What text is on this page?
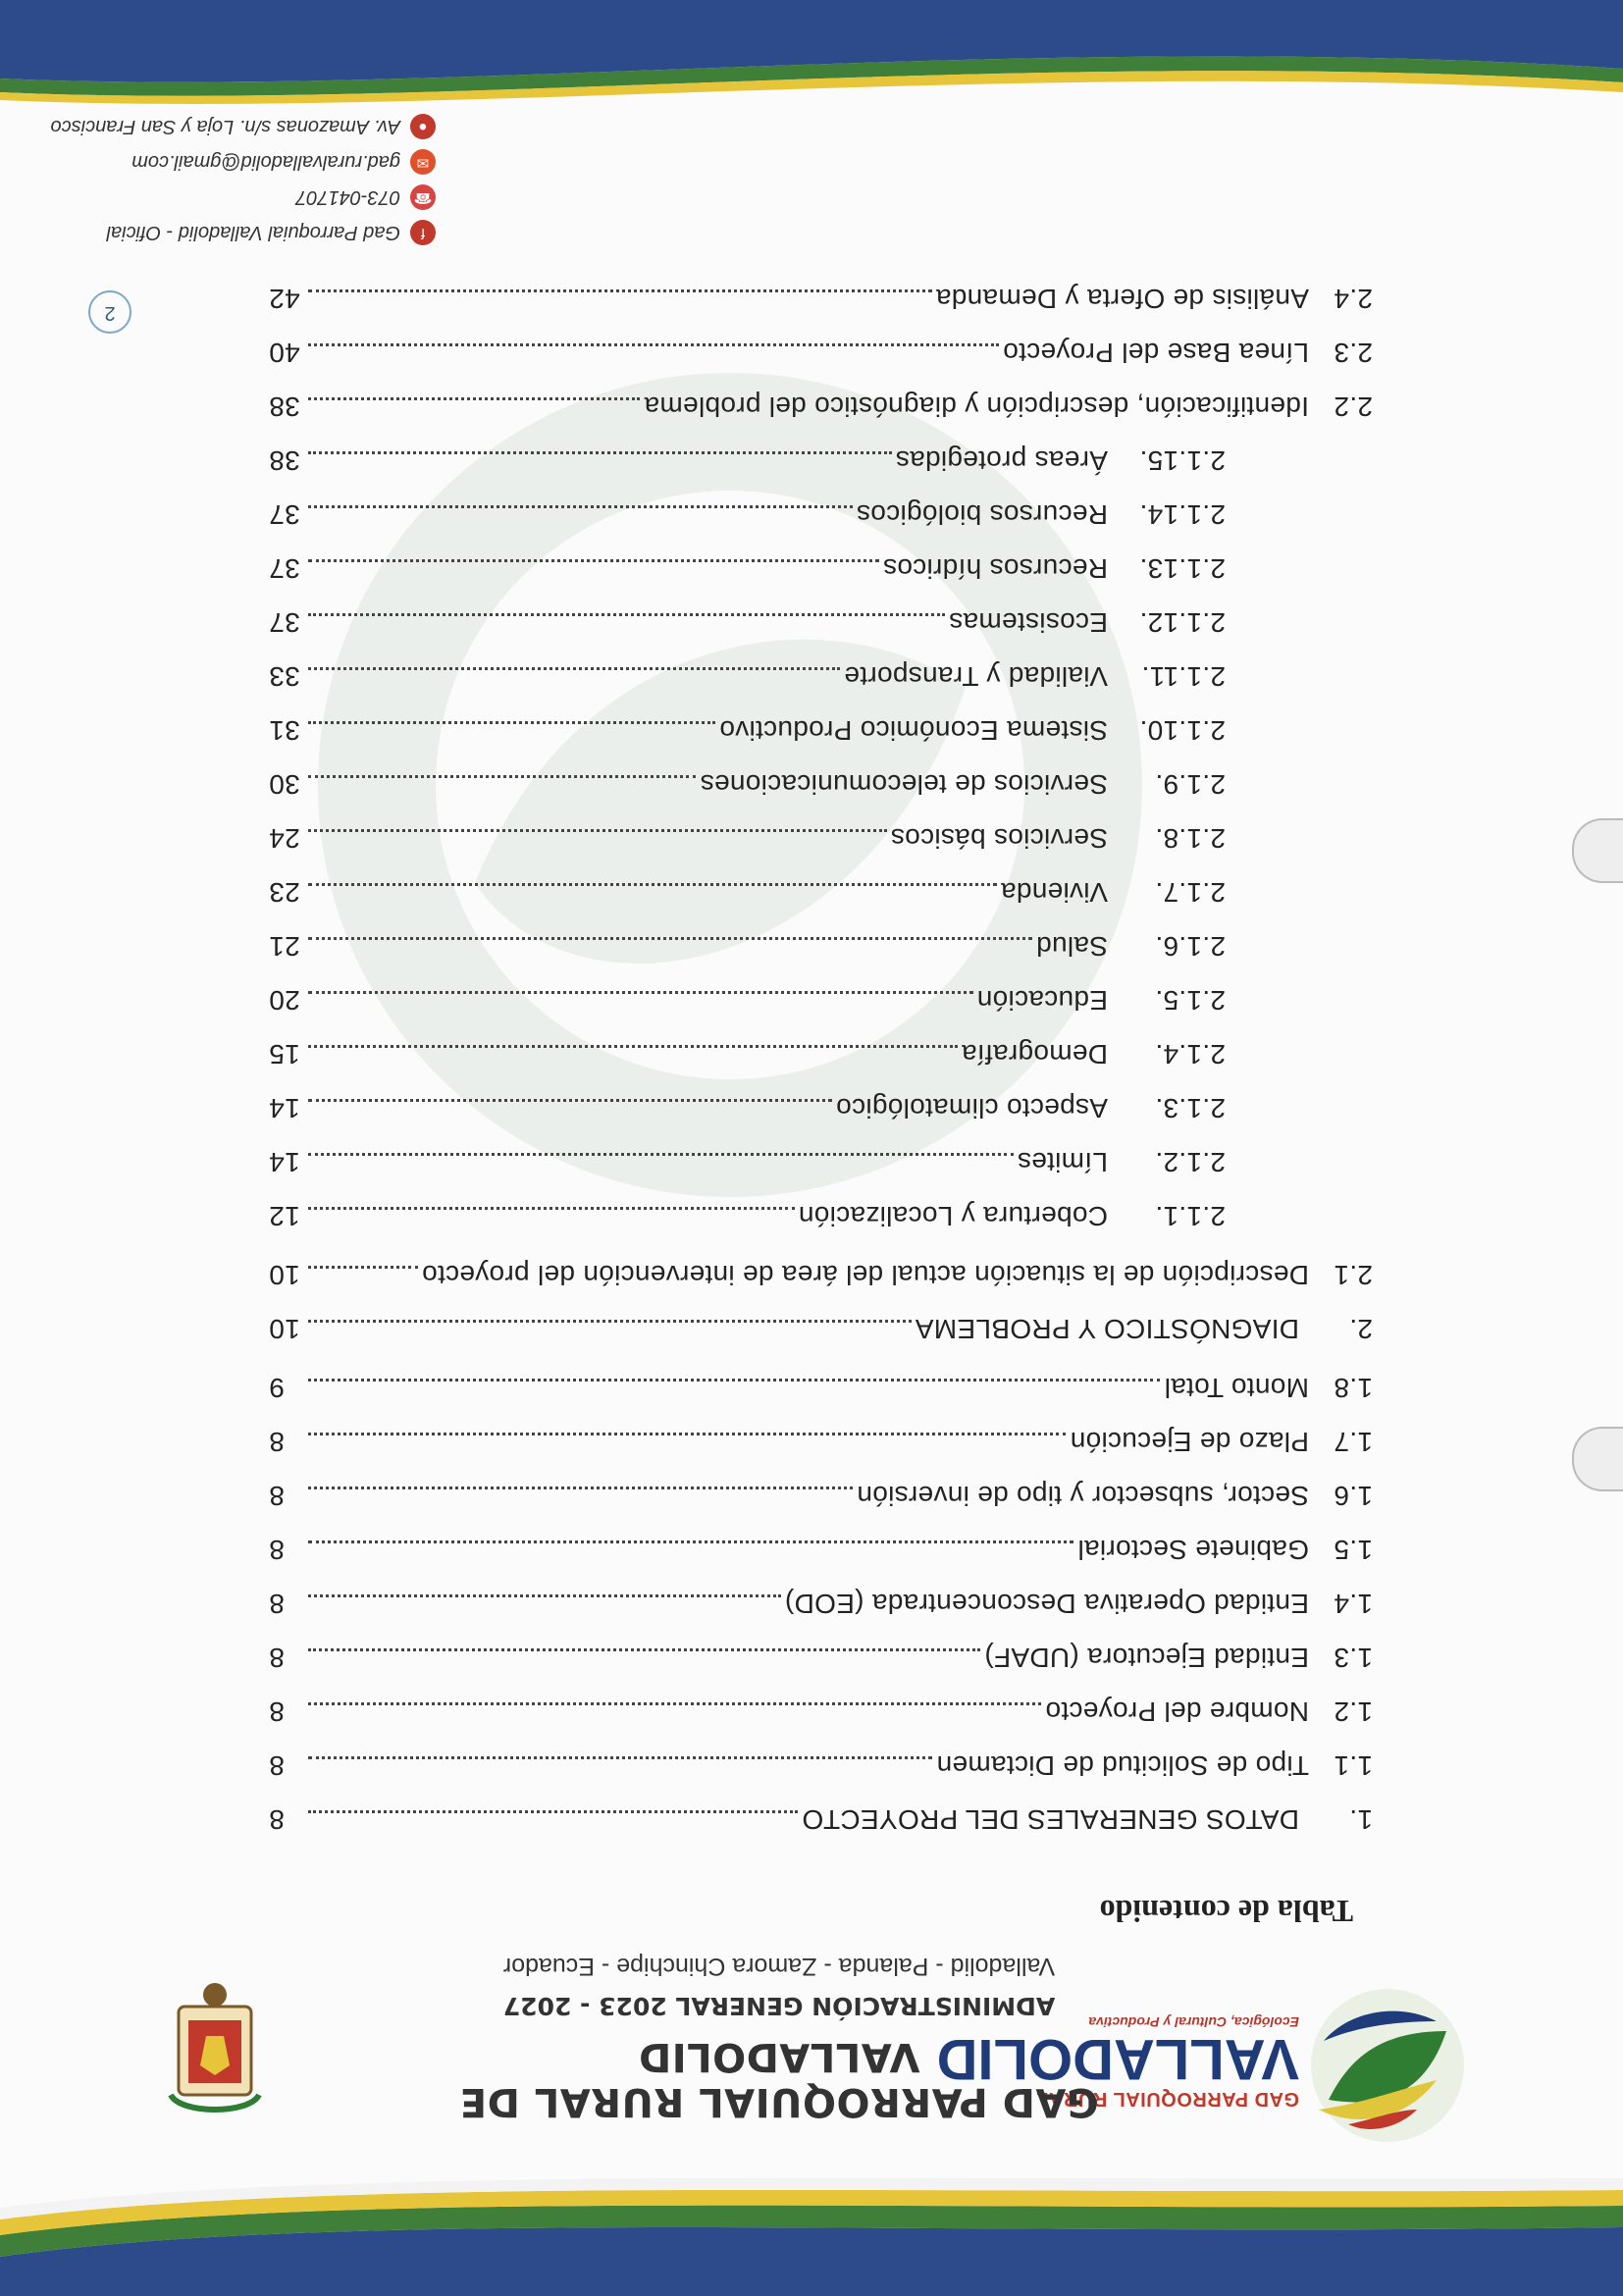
GAD PARROQUIAL RURAL
VALLADOLID
Ecológica, Cultural y Productiva
GAD PARROQUIAL RURAL DE VALLADOLID
ADMINISTRACIÓN GENERAL 2023 - 2027
Valladolid - Palanda - Zamora Chinchipe - Ecuador
Tabla de contenido
1.
DATOS GENERALES DEL PROYECTO
8
1.1
Tipo de Solicitud de Dictamen
8
1.2
Nombre del Proyecto
8
1.3
Entidad Ejecutora (UDAF)
8
1.4
Entidad Operativa Desconcentrada (EOD)
8
1.5
Gabinete Sectorial
8
1.6
Sector, subsector y tipo de inversión
8
1.7
Plazo de Ejecución
8
1.8
Monto Total
9
2.
DIAGNÓSTICO Y PROBLEMA
10
2.1
Descripción de la situación actual del área de intervención del proyecto
10
2.1.1.
Cobertura y Localización
12
2.1.2.
Límites
14
2.1.3.
Aspecto climatológico
14
2.1.4.
Demografía
15
2.1.5.
Educación
20
2.1.6.
Salud
21
2.1.7.
Vivienda
23
2.1.8.
Servicios básicos
24
2.1.9.
Servicios de telecomunicaciones
30
2.1.10.
Sistema Económico Productivo
31
2.1.11.
Vialidad y Transporte
33
2.1.12.
Ecosistemas
37
2.1.13.
Recursos hídricos
37
2.1.14.
Recursos biológicos
37
2.1.15.
Áreas protegidas
38
2.2
Identificación, descripción y diagnóstico del problema
38
2.3
Línea Base del Proyecto
40
2.4
Análisis de Oferta y Demanda
42
2
f
Gad Parroquial Valladolid - Oficial
☎
073-041707
✉
gad.ruralvalladolid@gmail.com
●
Av. Amazonas s/n. Loja y San Francisco
